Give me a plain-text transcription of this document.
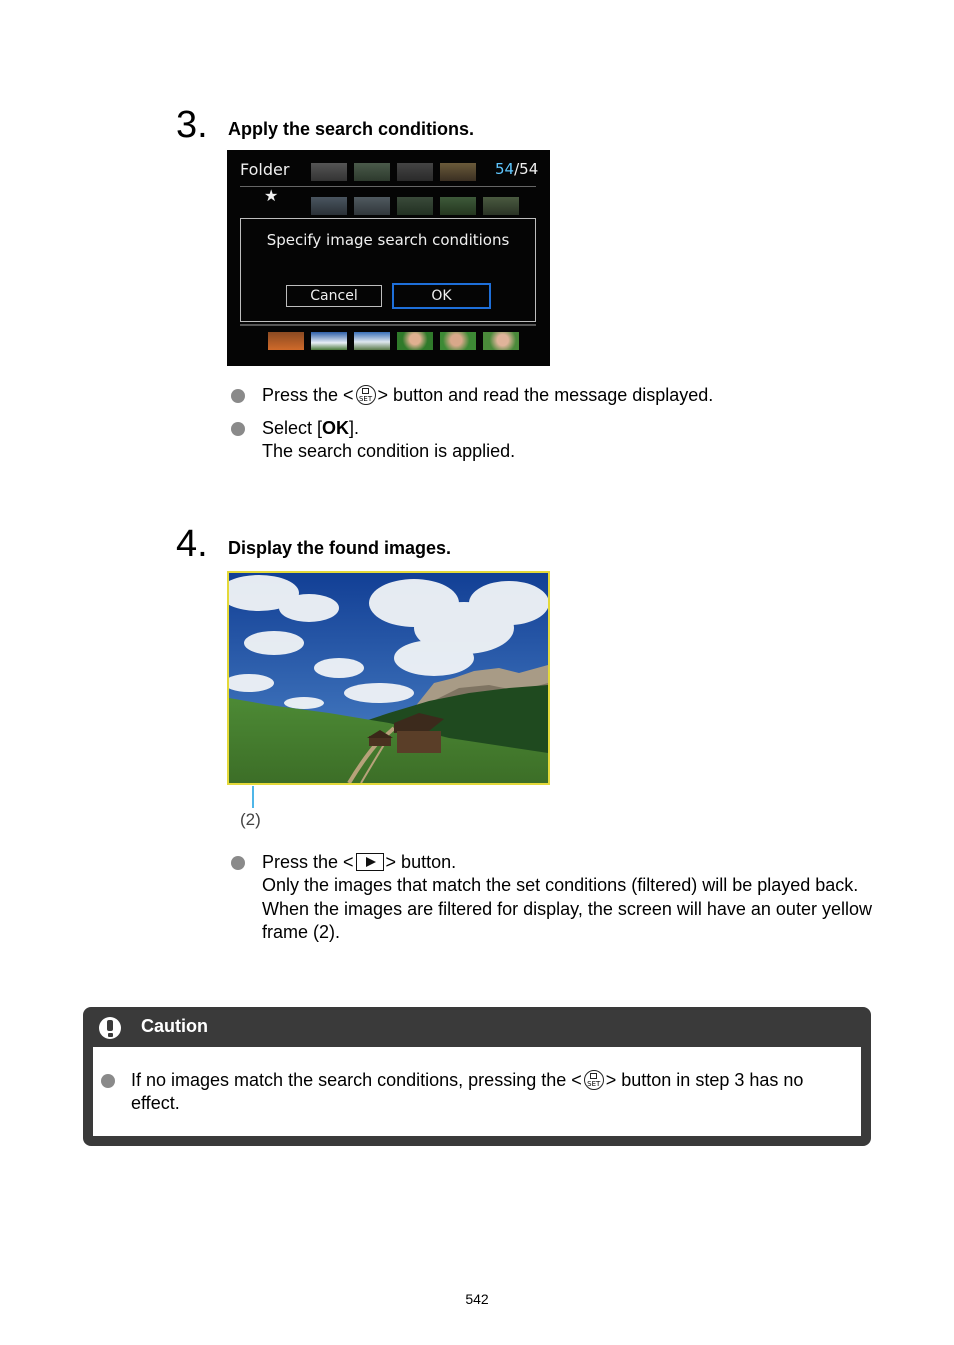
3. Apply the search conditions.
Folder	54/54
★
Specify image search conditions
Cancel	OK
Press the < SET > button and read the message displayed.
Select [OK].
The search condition is applied.
4. Display the found images.
(2)
Press the < > button.
Only the images that match the set conditions (filtered) will be played back.
When the images are filtered for display, the screen will have an outer yellow frame (2).
Caution
If no images match the search conditions, pressing the < SET > button in step 3 has no effect.
542
